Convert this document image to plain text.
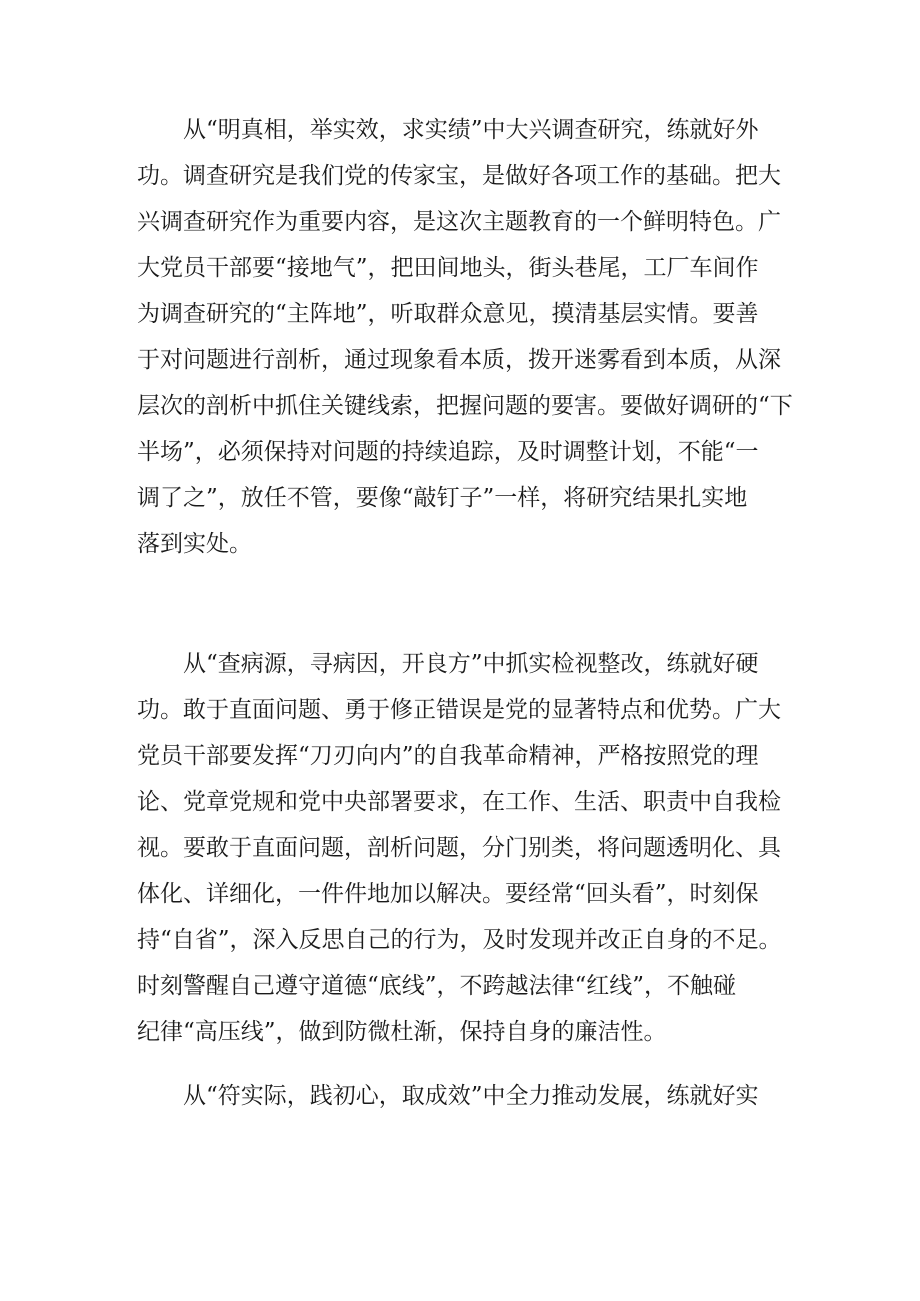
从“明真相，举实效，求实绩”中大兴调查研究，练就好外
功。调查研究是我们党的传家宝，是做好各项工作的基础。把大
兴调查研究作为重要内容，是这次主题教育的一个鲜明特色。广
大党员干部要“接地气”，把田间地头，街头巷尾，工厂车间作
为调查研究的“主阵地”，听取群众意见，摸清基层实情。要善
于对问题进行剖析，通过现象看本质，拨开迷雾看到本质，从深
层次的剖析中抓住关键线索，把握问题的要害。要做好调研的“下
半场”，必须保持对问题的持续追踪，及时调整计划，不能“一
调了之”，放任不管，要像“敲钉子”一样，将研究结果扎实地
落到实处。
从“查病源，寻病因，开良方”中抓实检视整改，练就好硬
功。敢于直面问题、勇于修正错误是党的显著特点和优势。广大
党员干部要发挥“刀刃向内”的自我革命精神，严格按照党的理
论、党章党规和党中央部署要求，在工作、生活、职责中自我检
视。要敢于直面问题，剖析问题，分门别类，将问题透明化、具
体化、详细化，一件件地加以解决。要经常“回头看”，时刻保
持“自省”，深入反思自己的行为，及时发现并改正自身的不足。
时刻警醒自己遵守道德“底线”，不跨越法律“红线”，不触碰
纪律“高压线”，做到防微杜渐，保持自身的廉洁性。
从“符实际，践初心，取成效”中全力推动发展，练就好实
